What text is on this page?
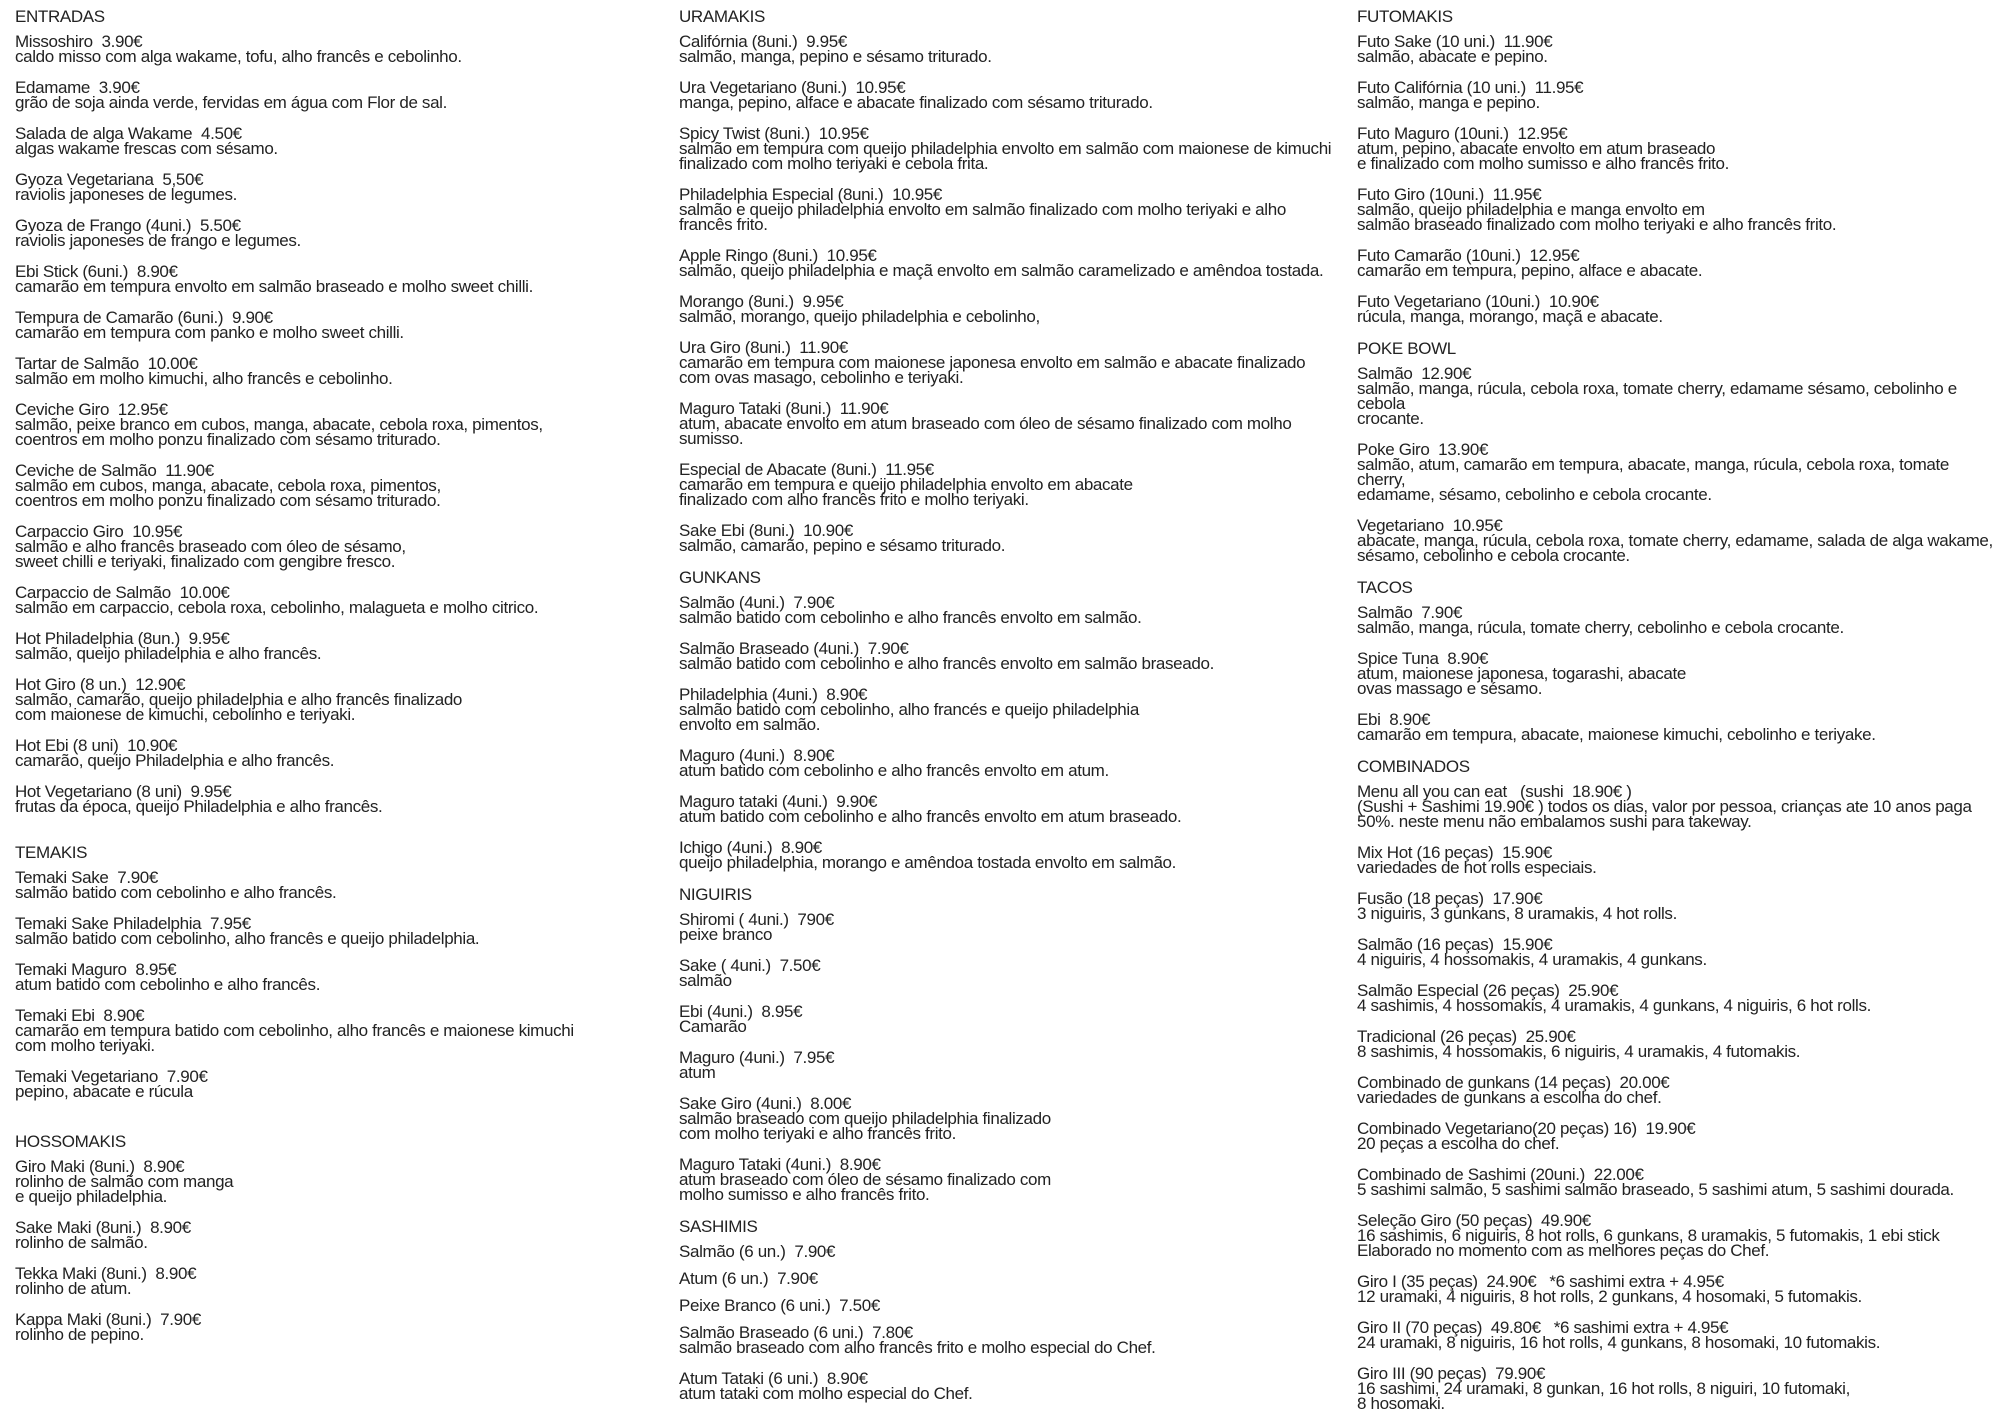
ENTRADAS
Missoshiro  3.90€
caldo misso com alga wakame, tofu, alho francês e cebolinho.
Edamame  3.90€
grão de soja ainda verde, fervidas em água com Flor de sal.
Salada de alga Wakame  4.50€
algas wakame frescas com sésamo.
Gyoza Vegetariana  5,50€
raviolis japoneses de legumes.
Gyoza de Frango (4uni.)  5.50€
raviolis japoneses de frango e legumes.
Ebi Stick (6uni.)  8.90€
camarão em tempura envolto em salmão braseado e molho sweet chilli.
Tempura de Camarão (6uni.)  9.90€
camarão em tempura com panko e molho sweet chilli.
Tartar de Salmão  10.00€
salmão em molho kimuchi, alho francês e cebolinho.
Ceviche Giro  12.95€
salmão, peixe branco em cubos, manga, abacate, cebola roxa, pimentos,
coentros em molho ponzu finalizado com sésamo triturado.
Ceviche de Salmão  11.90€
salmão em cubos, manga, abacate, cebola roxa, pimentos,
coentros em molho ponzu finalizado com sésamo triturado.
Carpaccio Giro  10.95€
salmão e alho francês braseado com óleo de sésamo,
sweet chilli e teriyaki, finalizado com gengibre fresco.
Carpaccio de Salmão  10.00€
salmão em carpaccio, cebola roxa, cebolinho, malagueta e molho citrico.
Hot Philadelphia (8un.)  9.95€
salmão, queijo philadelphia e alho francês.
Hot Giro (8 un.)  12.90€
salmão, camarão, queijo philadelphia e alho francês finalizado
com maionese de kimuchi, cebolinho e teriyaki.
Hot Ebi (8 uni)  10.90€
camarão, queijo Philadelphia e alho francês.
Hot Vegetariano (8 uni)  9.95€
frutas da época, queijo Philadelphia e alho francês.
TEMAKIS
Temaki Sake  7.90€
salmão batido com cebolinho e alho francês.
Temaki Sake Philadelphia  7.95€
salmão batido com cebolinho, alho francês e queijo philadelphia.
Temaki Maguro  8.95€
atum batido com cebolinho e alho francês.
Temaki Ebi  8.90€
camarão em tempura batido com cebolinho, alho francês e maionese kimuchi
com molho teriyaki.
Temaki Vegetariano  7.90€
pepino, abacate e rúcula
HOSSOMAKIS
Giro Maki (8uni.)  8.90€
rolinho de salmão com manga
e queijo philadelphia.
Sake Maki (8uni.)  8.90€
rolinho de salmão.
Tekka Maki (8uni.)  8.90€
rolinho de atum.
Kappa Maki (8uni.)  7.90€
rolinho de pepino.
URAMAKIS
Califórnia (8uni.)  9.95€
salmão, manga, pepino e sésamo triturado.
Ura Vegetariano (8uni.)  10.95€
manga, pepino, alface e abacate finalizado com sésamo triturado.
Spicy Twist (8uni.)  10.95€
salmão em tempura com queijo philadelphia envolto em salmão com maionese de kimuchi
finalizado com molho teriyaki e cebola frita.
Philadelphia Especial (8uni.)  10.95€
salmão e queijo philadelphia envolto em salmão finalizado com molho teriyaki e alho
francês frito.
Apple Ringo (8uni.)  10.95€
salmão, queijo philadelphia e maçã envolto em salmão caramelizado e amêndoa tostada.
Morango (8uni.)  9.95€
salmão, morango, queijo philadelphia e cebolinho,
Ura Giro (8uni.)  11.90€
camarão em tempura com maionese japonesa envolto em salmão e abacate finalizado
com ovas masago, cebolinho e teriyaki.
Maguro Tataki (8uni.)  11.90€
atum, abacate envolto em atum braseado com óleo de sésamo finalizado com molho
sumisso.
Especial de Abacate (8uni.)  11.95€
camarão em tempura e queijo philadelphia envolto em abacate
finalizado com alho francês frito e molho teriyaki.
Sake Ebi (8uni.)  10.90€
salmão, camarão, pepino e sésamo triturado.
GUNKANS
Salmão (4uni.)  7.90€
salmão batido com cebolinho e alho francês envolto em salmão.
Salmão Braseado (4uni.)  7.90€
salmão batido com cebolinho e alho francês envolto em salmão braseado.
Philadelphia (4uni.)  8.90€
salmão batido com cebolinho, alho francés e queijo philadelphia
envolto em salmão.
Maguro (4uni.)  8.90€
atum batido com cebolinho e alho francês envolto em atum.
Maguro tataki (4uni.)  9.90€
atum batido com cebolinho e alho francês envolto em atum braseado.
Ichigo (4uni.)  8.90€
queijo philadelphia, morango e amêndoa tostada envolto em salmão.
NIGUIRIS
Shiromi ( 4uni.)  790€
peixe branco
Sake ( 4uni.)  7.50€
salmão
Ebi (4uni.)  8.95€
Camarão
Maguro (4uni.)  7.95€
atum
Sake Giro (4uni.)  8.00€
salmão braseado com queijo philadelphia finalizado
com molho teriyaki e alho francês frito.
Maguro Tataki (4uni.)  8.90€
atum braseado com óleo de sésamo finalizado com
molho sumisso e alho francês frito.
SASHIMIS
Salmão (6 un.)  7.90€
Atum (6 un.)  7.90€
Peixe Branco (6 uni.)  7.50€
Salmão Braseado (6 uni.)  7.80€
salmão braseado com alho francês frito e molho especial do Chef.
Atum Tataki (6 uni.)  8.90€
atum tataki com molho especial do Chef.
FUTOMAKIS
Futo Sake (10 uni.)  11.90€
salmão, abacate e pepino.
Futo Califórnia (10 uni.)  11.95€
salmão, manga e pepino.
Futo Maguro (10uni.)  12.95€
atum, pepino, abacate envolto em atum braseado
e finalizado com molho sumisso e alho francês frito.
Futo Giro (10uni.)  11.95€
salmão, queijo philadelphia e manga envolto em
salmão braseado finalizado com molho teriyaki e alho francês frito.
Futo Camarão (10uni.)  12.95€
camarão em tempura, pepino, alface e abacate.
Futo Vegetariano (10uni.)  10.90€
rúcula, manga, morango, maçã e abacate.
POKE BOWL
Salmão  12.90€
salmão, manga, rúcula, cebola roxa, tomate cherry, edamame sésamo, cebolinho e cebola
crocante.
Poke Giro  13.90€
salmão, atum, camarão em tempura, abacate, manga, rúcula, cebola roxa, tomate cherry,
edamame, sésamo, cebolinho e cebola crocante.
Vegetariano  10.95€
abacate, manga, rúcula, cebola roxa, tomate cherry, edamame, salada de alga wakame,
sésamo, cebolinho e cebola crocante.
TACOS
Salmão  7.90€
salmão, manga, rúcula, tomate cherry, cebolinho e cebola crocante.
Spice Tuna  8.90€
atum, maionese japonesa, togarashi, abacate
ovas massago e sésamo.
Ebi  8.90€
camarão em tempura, abacate, maionese kimuchi, cebolinho e teriyake.
COMBINADOS
Menu all you can eat   (sushi  18.90€ )
(Sushi + Sashimi 19.90€ ) todos os dias, valor por pessoa, crianças ate 10 anos paga
50%. neste menu não embalamos sushi para takeway.
Mix Hot (16 peças)  15.90€
variedades de hot rolls especiais.
Fusão (18 peças)  17.90€
3 niguiris, 3 gunkans, 8 uramakis, 4 hot rolls.
Salmão (16 peças)  15.90€
4 niguiris, 4 hossomakis, 4 uramakis, 4 gunkans.
Salmão Especial (26 peças)  25.90€
4 sashimis, 4 hossomakis, 4 uramakis, 4 gunkans, 4 niguiris, 6 hot rolls.
Tradicional (26 peças)  25.90€
8 sashimis, 4 hossomakis, 6 niguiris, 4 uramakis, 4 futomakis.
Combinado de gunkans (14 peças)  20.00€
variedades de gunkans a escolha do chef.
Combinado Vegetariano(20 peças) 16)  19.90€
20 peças a escolha do chef.
Combinado de Sashimi (20uni.)  22.00€
5 sashimi salmão, 5 sashimi salmão braseado, 5 sashimi atum, 5 sashimi dourada.
Seleção Giro (50 peças)  49.90€
16 sashimis, 6 niguiris, 8 hot rolls, 6 gunkans, 8 uramakis, 5 futomakis, 1 ebi stick
Elaborado no momento com as melhores peças do Chef.
Giro I (35 peças)  24.90€   *6 sashimi extra + 4.95€
12 uramaki, 4 niguiris, 8 hot rolls, 2 gunkans, 4 hosomaki, 5 futomakis.
Giro II (70 peças)  49.80€   *6 sashimi extra + 4.95€
24 uramaki, 8 niguiris, 16 hot rolls, 4 gunkans, 8 hosomaki, 10 futomakis.
Giro III (90 peças)  79.90€
16 sashimi, 24 uramaki, 8 gunkan, 16 hot rolls, 8 niguiri, 10 futomaki,
8 hosomaki.
